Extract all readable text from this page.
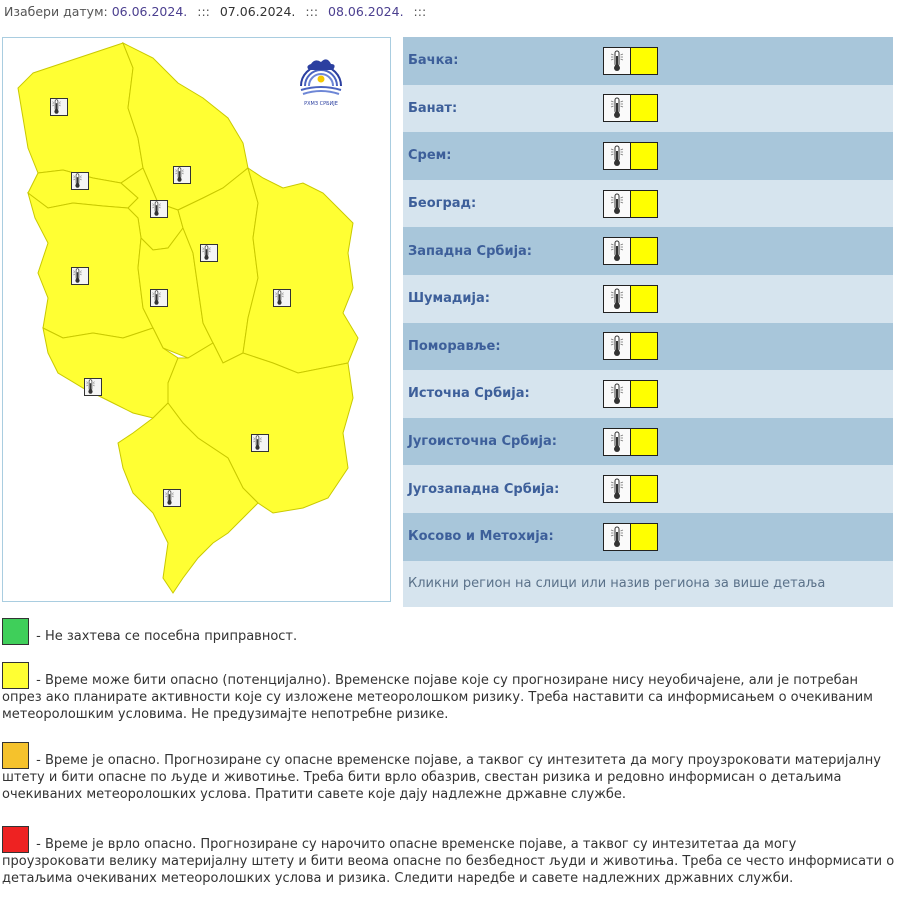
Изабери датум: 06.06.2024. ::: 07.06.2024. ::: 08.06.2024. :::
РХМЗ СРБИЈЕ
Бачка:
Банат:
Срем:
Београд:
Западна Србија:
Шумадија:
Поморавље:
Источна Србија:
Југоисточна Србија:
Југозападна Србија:
Косово и Метохија:
Кликни регион на слици или назив региона за више детаља
- Не захтева се посебна приправност.
- Време може бити опасно (потенцијално). Временске појаве које су прогнозиране нису неуобичајене, али је потребан опрез ако планирате активности које су изложене метеоролошком ризику. Треба наставити са информисањем о очекиваним метеоролошким условима. Не предузимајте непотребне ризике.
- Време је опасно. Прогнозиране су опасне временске појаве, а таквог су интезитета да могу проузроковати материјалну штету и бити опасне по људе и животиње. Треба бити врло обазрив, свестан ризика и редовно информисан о детаљима очекиваних метеоролошких услова. Пратити савете које дају надлежне државне службе.
- Време је врло опасно. Прогнозиране су нарочито опасне временске појаве, а таквог су интезитетаа да могу проузроковати велику материјалну штету и бити веома опасне по безбедност људи и животиња. Треба се често информисати о детаљима очекиваних метеоролошких услова и ризика. Следити наредбе и савете надлежних државних служби.
